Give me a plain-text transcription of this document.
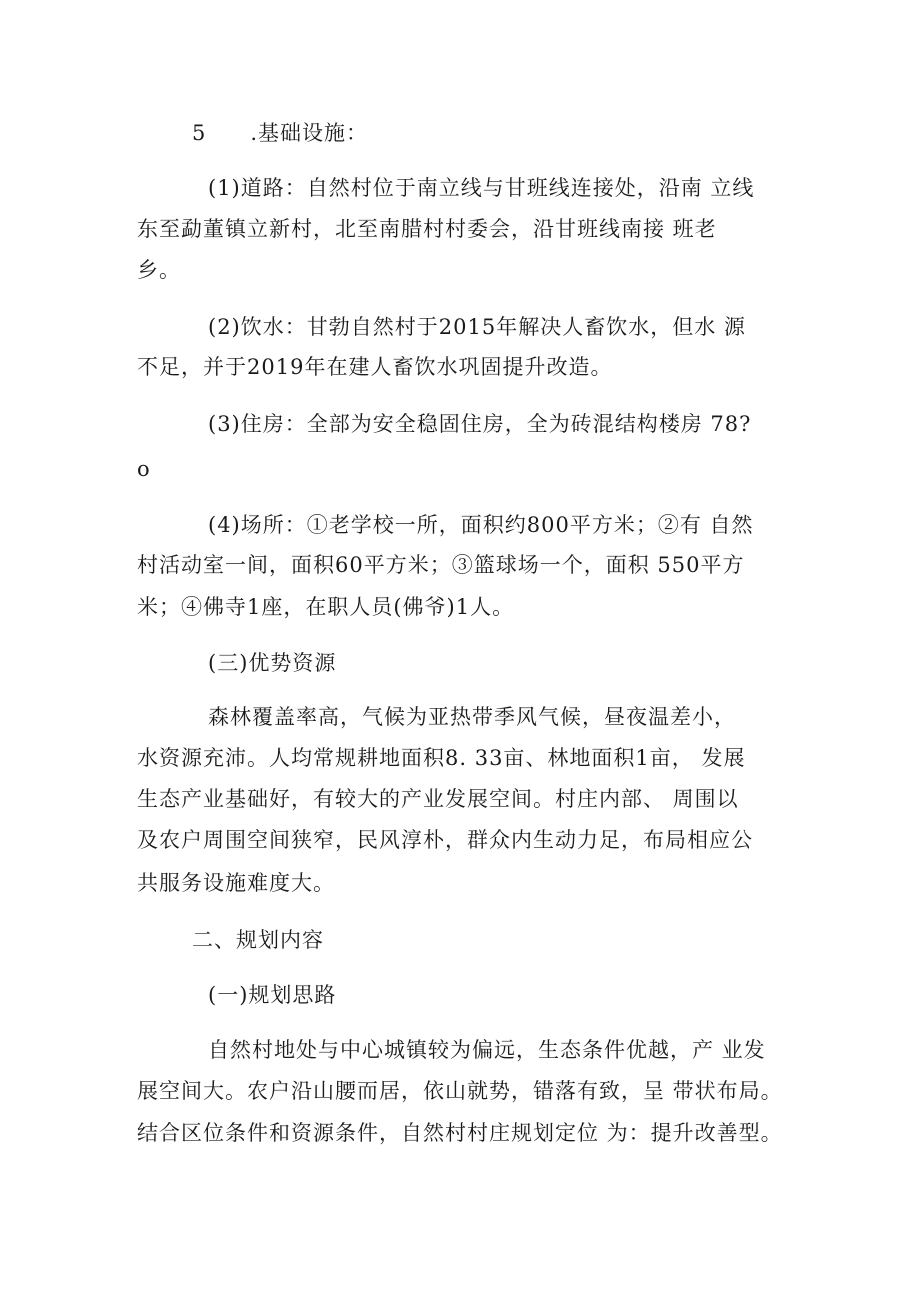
5　　.基础设施：
(1)道路：自然村位于南立线与甘班线连接处，沿南 立线
东至勐董镇立新村，北至南腊村村委会，沿甘班线南接 班老
乡。
(2)饮水：甘勃自然村于2015年解决人畜饮水，但水 源
不足，并于2019年在建人畜饮水巩固提升改造。
(3)住房：全部为安全稳固住房，全为砖混结构楼房 78?
o
(4)场所：①老学校一所，面积约800平方米；②有 自然
村活动室一间，面积60平方米；③篮球场一个，面积 550平方
米；④佛寺1座，在职人员(佛爷)1人。
(三)优势资源
森林覆盖率高，气候为亚热带季风气候，昼夜温差小，
水资源充沛。人均常规耕地面积8. 33亩、林地面积1亩， 发展
生态产业基础好，有较大的产业发展空间。村庄内部、 周围以
及农户周围空间狭窄，民风淳朴，群众内生动力足，布局相应公
共服务设施难度大。
二、规划内容
(一)规划思路
自然村地处与中心城镇较为偏远，生态条件优越，产 业发
展空间大。农户沿山腰而居，依山就势，错落有致，呈 带状布局。
结合区位条件和资源条件，自然村村庄规划定位 为：提升改善型。
